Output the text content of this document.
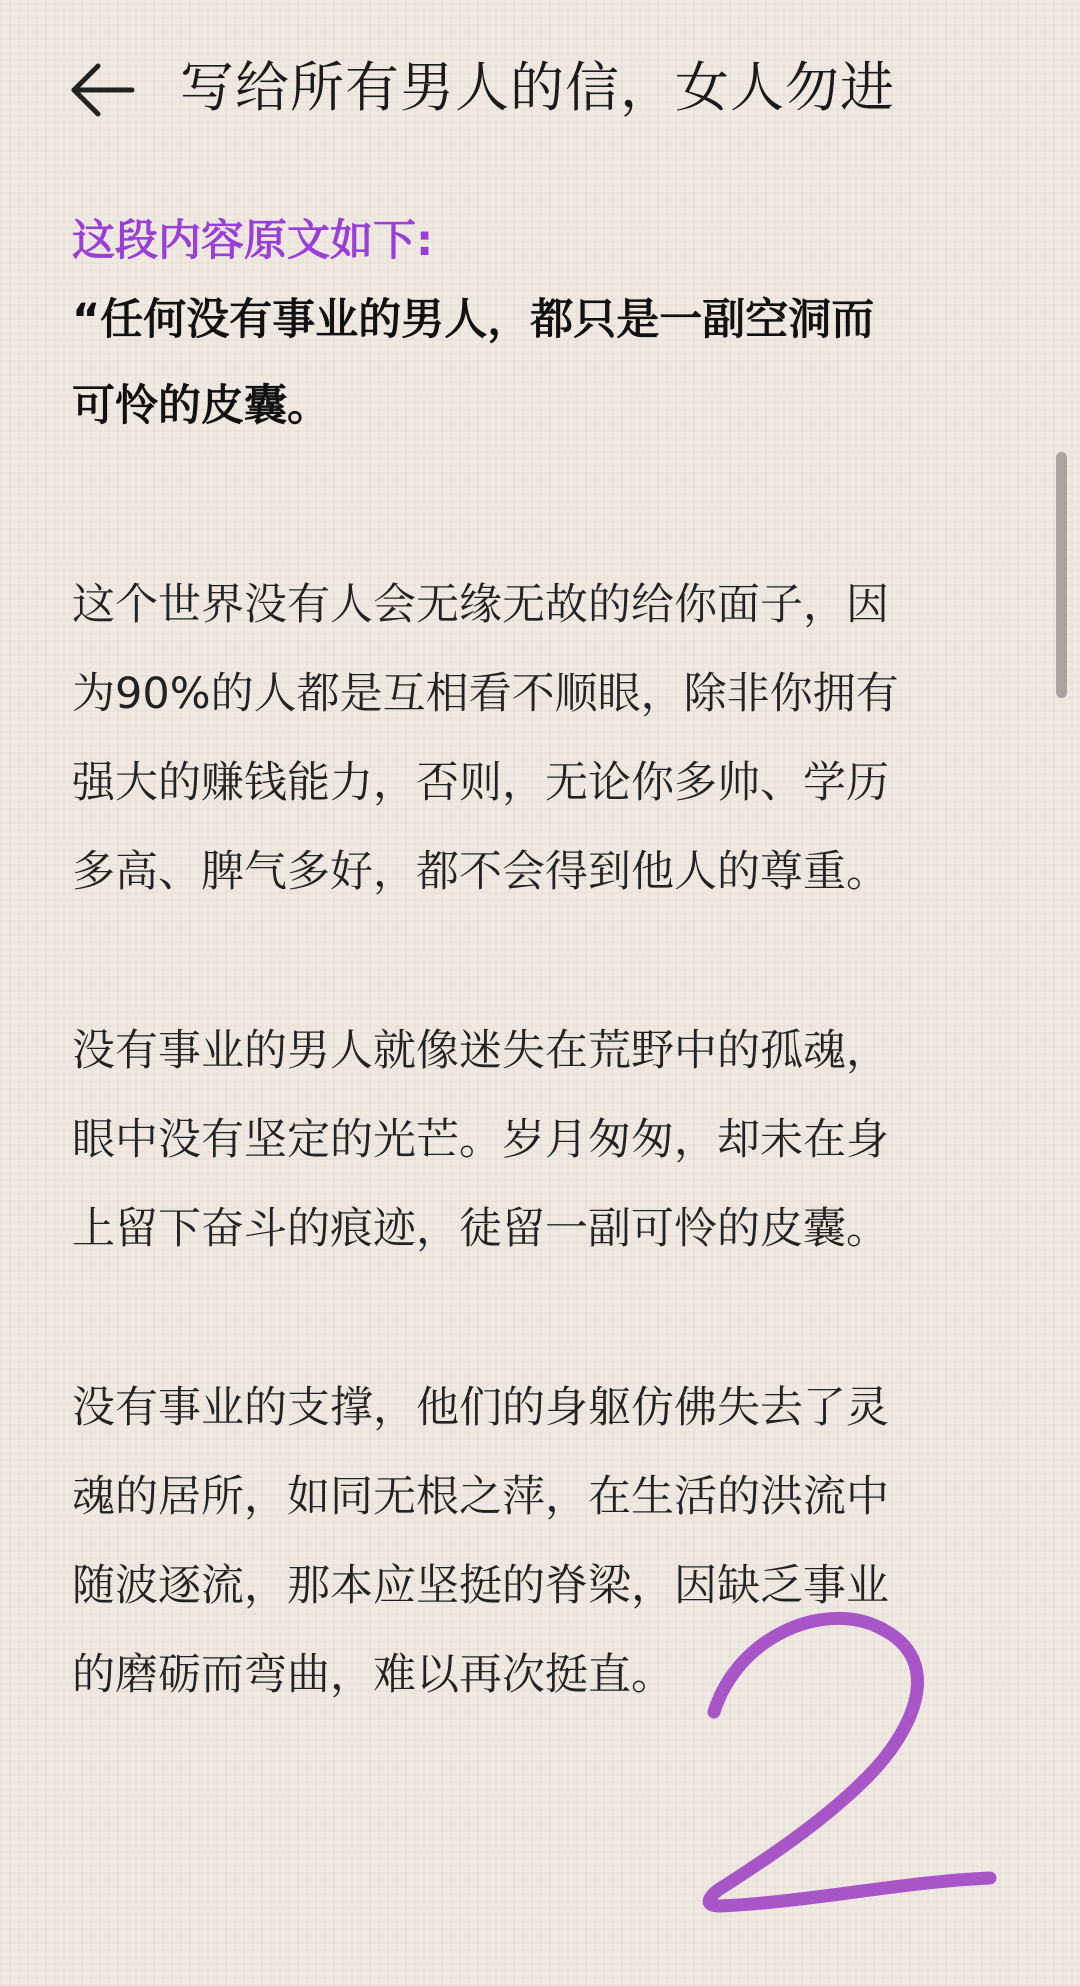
写给所有男人的信，女人勿进

这段内容原文如下:

“任何没有事业的男人，都只是一副空洞而
可怜的皮囊。

这个世界没有人会无缘无故的给你面子，因
为90%的人都是互相看不顺眼，除非你拥有
强大的赚钱能力，否则，无论你多帅、学历
多高、脾气多好，都不会得到他人的尊重。

没有事业的男人就像迷失在荒野中的孤魂，
眼中没有坚定的光芒。岁月匆匆，却未在身
上留下奋斗的痕迹，徒留一副可怜的皮囊。

没有事业的支撑，他们的身躯仿佛失去了灵
魂的居所，如同无根之萍，在生活的洪流中
随波逐流，那本应坚挺的脊梁，因缺乏事业
的磨砺而弯曲，难以再次挺直。
